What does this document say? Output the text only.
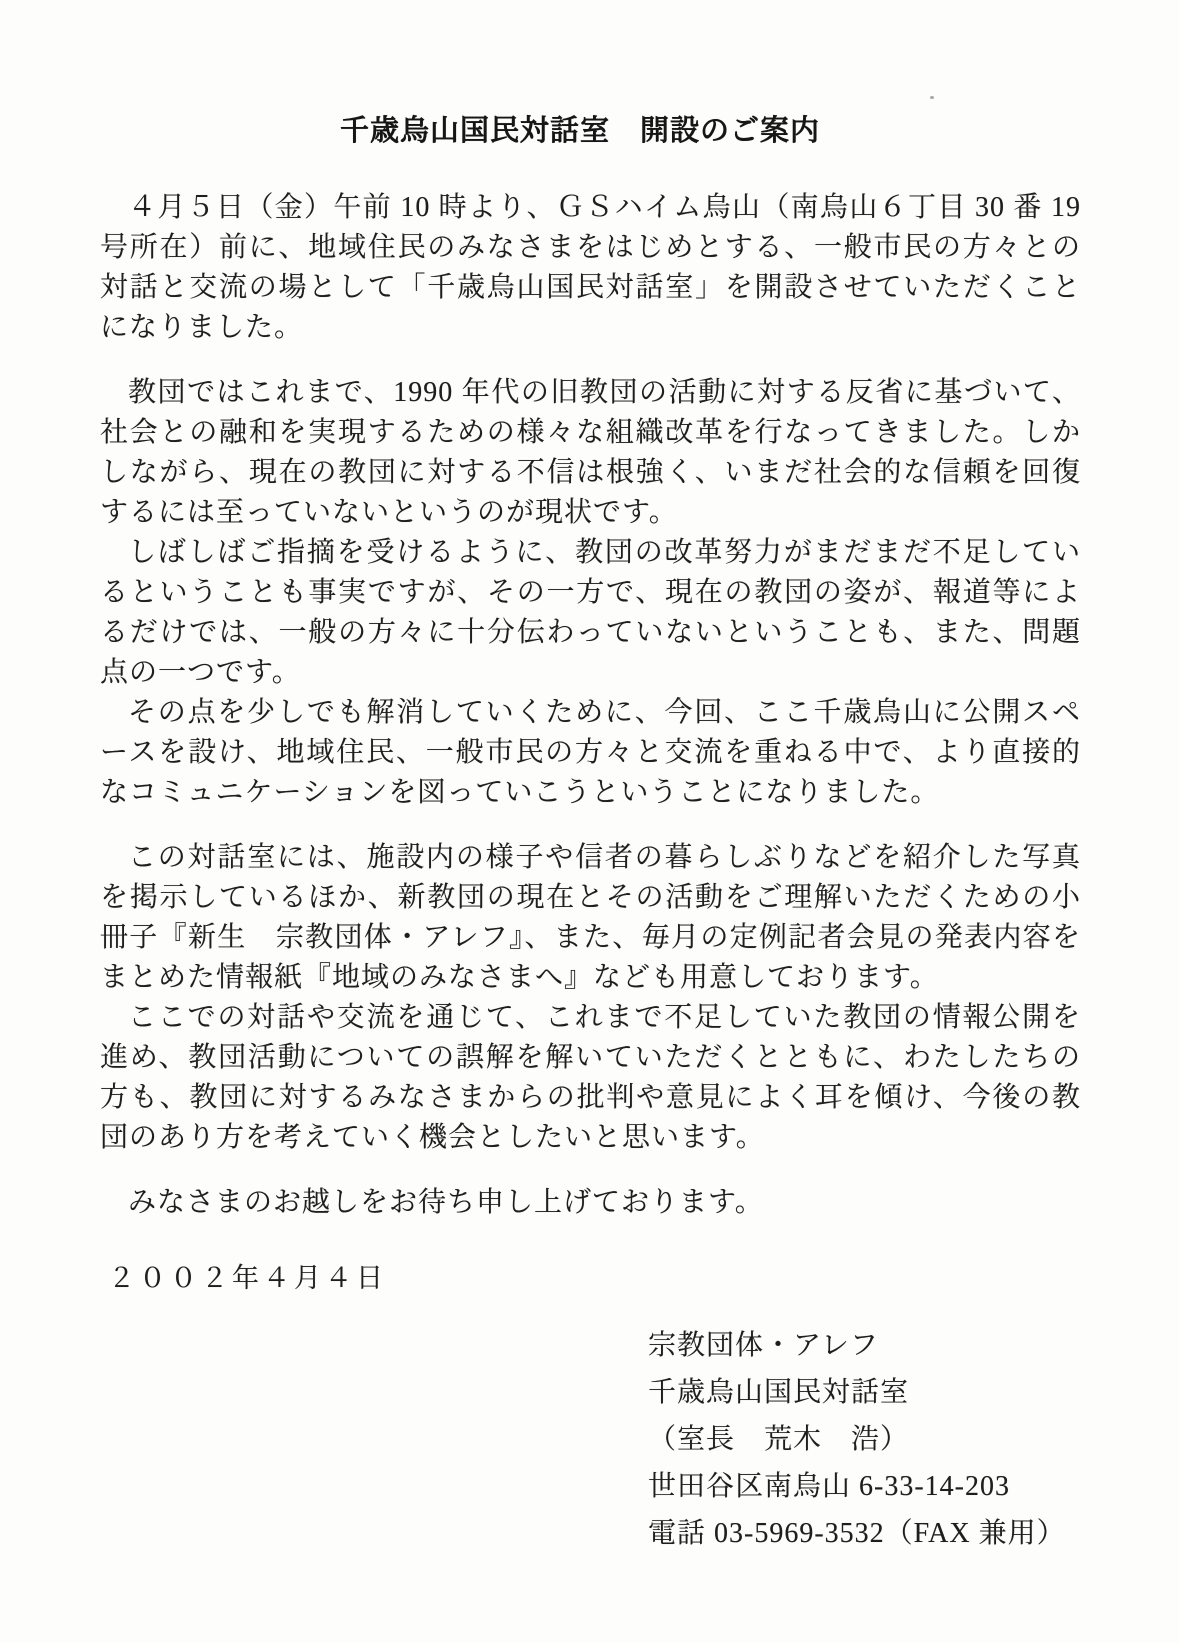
千歳烏山国民対話室　開設のご案内

４月５日（金）午前 10 時より、ＧＳハイム烏山（南烏山６丁目 30 番 19 号所在）前に、地域住民のみなさまをはじめとする、一般市民の方々との対話と交流の場として「千歳烏山国民対話室」を開設させていただくことになりました。

教団ではこれまで、1990 年代の旧教団の活動に対する反省に基づいて、社会との融和を実現するための様々な組織改革を行なってきました。しかしながら、現在の教団に対する不信は根強く、いまだ社会的な信頼を回復するには至っていないというのが現状です。

しばしばご指摘を受けるように、教団の改革努力がまだまだ不足しているということも事実ですが、その一方で、現在の教団の姿が、報道等によるだけでは、一般の方々に十分伝わっていないということも、また、問題点の一つです。

その点を少しでも解消していくために、今回、ここ千歳烏山に公開スペースを設け、地域住民、一般市民の方々と交流を重ねる中で、より直接的なコミュニケーションを図っていこうということになりました。

この対話室には、施設内の様子や信者の暮らしぶりなどを紹介した写真を掲示しているほか、新教団の現在とその活動をご理解いただくための小冊子『新生　宗教団体・アレフ』、また、毎月の定例記者会見の発表内容をまとめた情報紙『地域のみなさまへ』なども用意しております。

ここでの対話や交流を通じて、これまで不足していた教団の情報公開を進め、教団活動についての誤解を解いていただくとともに、わたしたちの方も、教団に対するみなさまからの批判や意見によく耳を傾け、今後の教団のあり方を考えていく機会としたいと思います。

みなさまのお越しをお待ち申し上げております。

２００２年４月４日
宗教団体・アレフ
千歳烏山国民対話室
（室長　荒木　浩）
世田谷区南烏山 6-33-14-203
電話 03-5969-3532（FAX 兼用）
